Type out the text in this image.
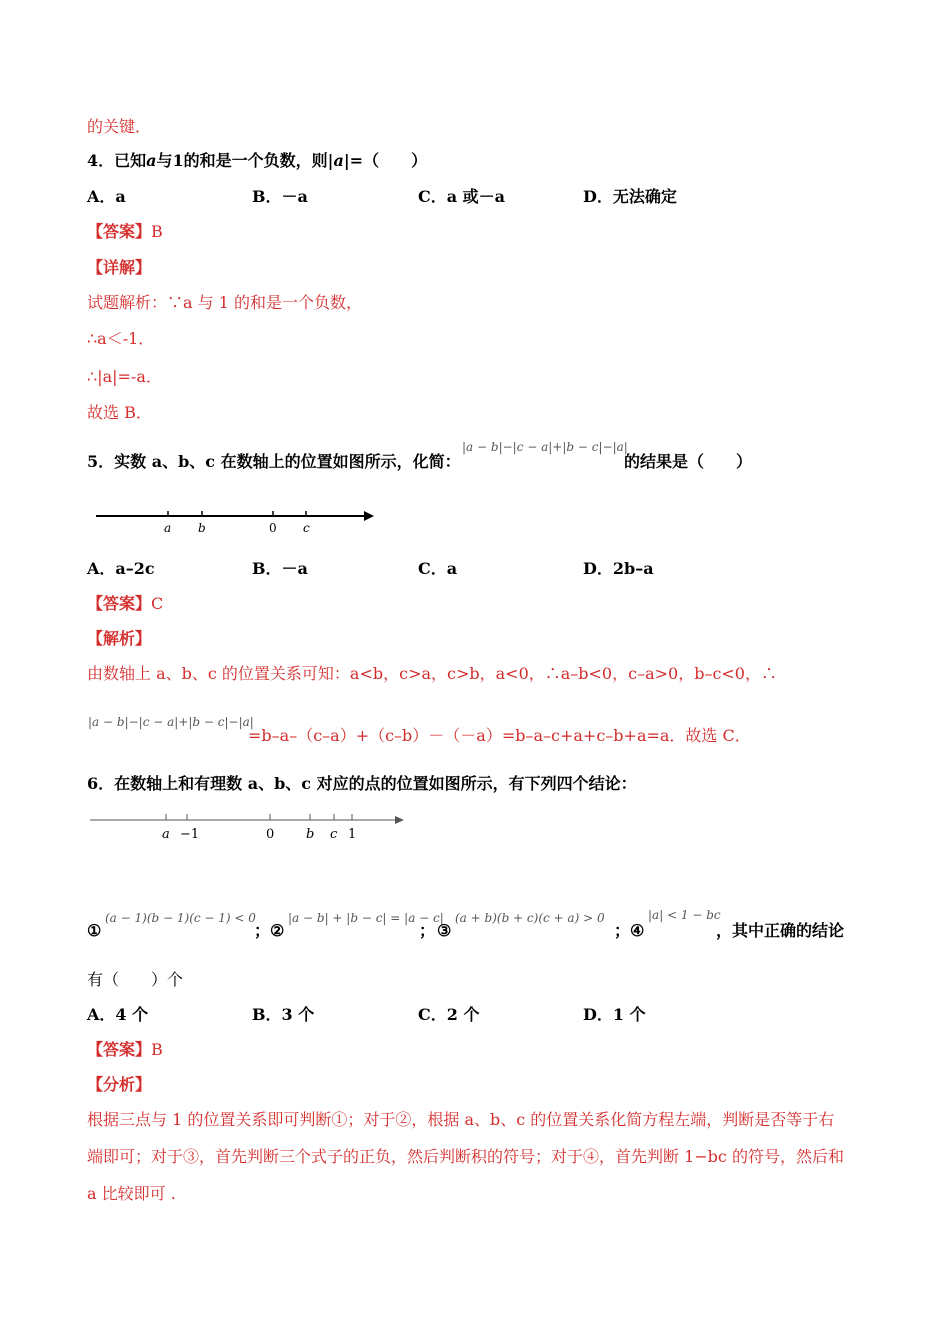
的关键．
4．已知a与1的和是一个负数，则|a|=（　　）
A．a	B．－a	C．a 或－a	D．无法确定
【答案】B
【详解】
试题解析：∵a 与 1 的和是一个负数，
∴a＜-1．
∴|a|=-a．
故选 B．
5．实数 a、b、c 在数轴上的位置如图所示，化简：
|a − b|−|c − a|+|b − c|−|a|
的结果是（　　）
a b	0 c
A．a–2c	B．－a	C．a	D．2b–a
【答案】C
【解析】
由数轴上 a、b、c 的位置关系可知：a<b，c>a，c>b，a<0，∴a–b<0，c–a>0，b–c<0，∴
|a − b|−|c − a|+|b − c|−|a|
=b–a–（c–a）+（c–b）－（－a）=b–a–c+a+c–b+a=a．故选 C．
6．在数轴上和有理数 a、b、c 对应的点的位置如图所示，有下列四个结论：
a −1	0 b c 1
①
(a − 1)(b − 1)(c − 1) < 0
； ②
|a − b| + |b − c| = |a − c|
； ③
(a + b)(b + c)(c + a) > 0
； ④
|a| < 1 − bc
，其中正确的结论
有（　　）个
A．4 个	B．3 个	C．2 个	D．1 个
【答案】B
【分析】
根据三点与 1 的位置关系即可判断①；对于②，根据 a、b、c 的位置关系化简方程左端，判断是否等于右
端即可；对于③，首先判断三个式子的正负，然后判断积的符号；对于④，首先判断 1−bc 的符号，然后和
a 比较即可 .
